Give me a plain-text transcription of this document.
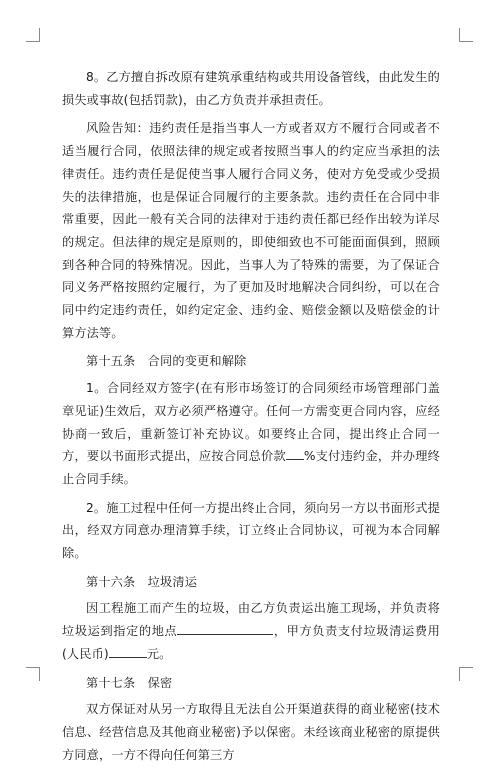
8。乙方擅自拆改原有建筑承重结构或共用设备管线，由此发生的损失或事故(包括罚款)，由乙方负责并承担责任。

风险告知：违约责任是指当事人一方或者双方不履行合同或者不适当履行合同，依照法律的规定或者按照当事人的约定应当承担的法律责任。违约责任是促使当事人履行合同义务，使对方免受或少受损失的法律措施，也是保证合同履行的主要条款。违约责任在合同中非常重要，因此一般有关合同的法律对于违约责任都已经作出较为详尽的规定。但法律的规定是原则的，即使细致也不可能面面俱到，照顾到各种合同的特殊情况。因此，当事人为了特殊的需要，为了保证合同义务严格按照约定履行，为了更加及时地解决合同纠纷，可以在合同中约定违约责任，如约定定金、违约金、赔偿金额以及赔偿金的计算方法等。

第十五条　合同的变更和解除

1。合同经双方签字(在有形市场签订的合同须经市场管理部门盖章见证)生效后，双方必须严格遵守。任何一方需变更合同内容，应经协商一致后，重新签订补充协议。如要终止合同，提出终止合同一方，要以书面形式提出，应按合同总价款 %支付违约金，并办理终止合同手续。

2。施工过程中任何一方提出终止合同，须向另一方以书面形式提出，经双方同意办理清算手续，订立终止合同协议，可视为本合同解除。

第十六条　垃圾清运

因工程施工而产生的垃圾，由乙方负责运出施工现场，并负责将垃圾运到指定的地点	，甲方负责支付垃圾清运费用(人民币)	元。

第十七条　保密

双方保证对从另一方取得且无法自公开渠道获得的商业秘密(技术信息、经营信息及其他商业秘密)予以保密。未经该商业秘密的原提供方同意，一方不得向任何第三方
